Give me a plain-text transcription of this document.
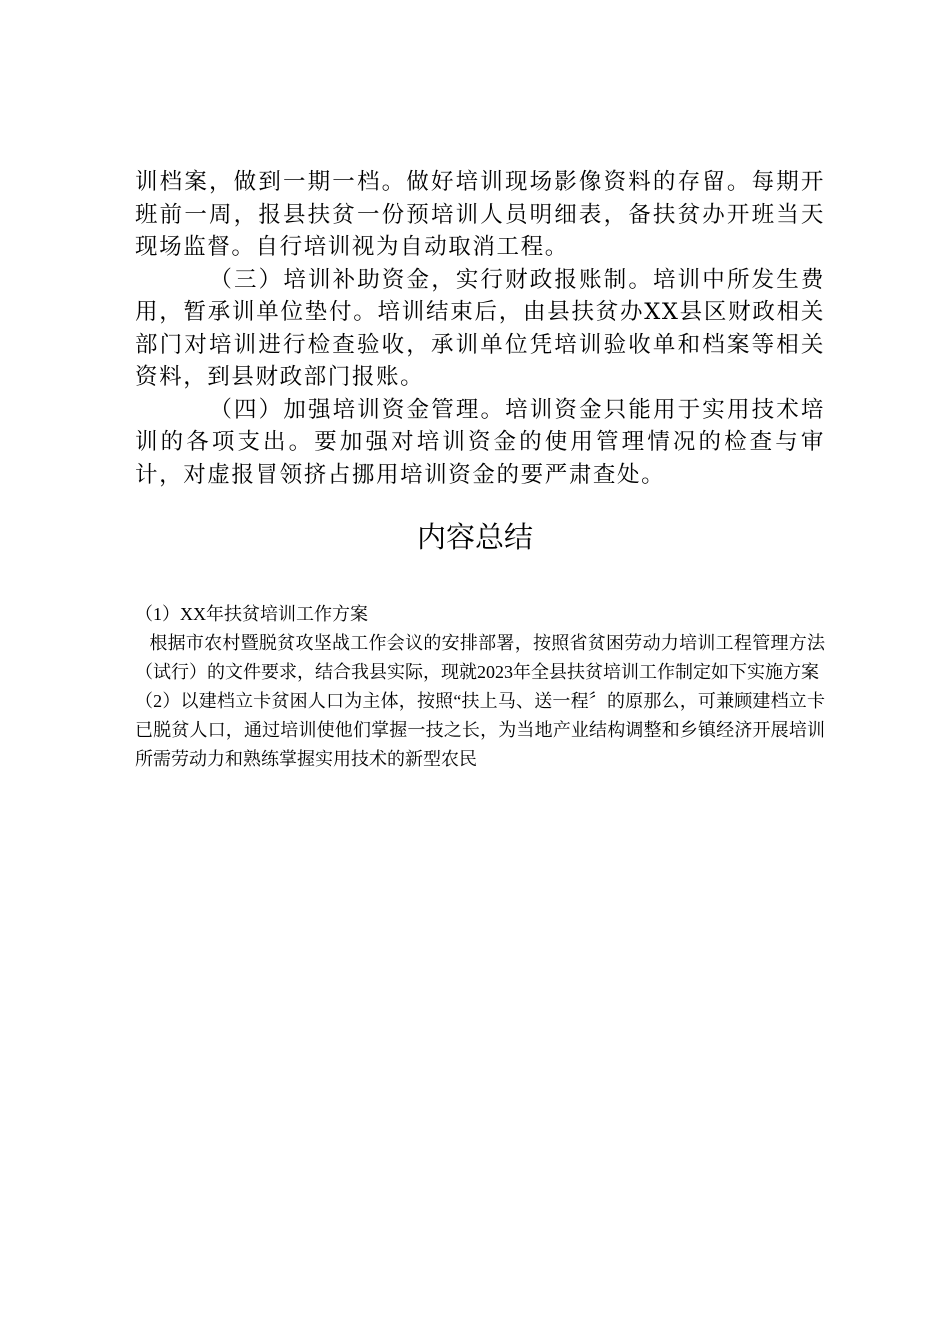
训档案，做到一期一档。做好培训现场影像资料的存留。每期开班前一周，报县扶贫一份预培训人员明细表，备扶贫办开班当天现场监督。自行培训视为自动取消工程。

（三）培训补助资金，实行财政报账制。培训中所发生费用，暂承训单位垫付。培训结束后，由县扶贫办XX县区财政相关部门对培训进行检查验收，承训单位凭培训验收单和档案等相关资料，到县财政部门报账。

（四）加强培训资金管理。培训资金只能用于实用技术培训的各项支出。要加强对培训资金的使用管理情况的检查与审计，对虚报冒领挤占挪用培训资金的要严肃查处。

内容总结

（1）XX年扶贫培训工作方案

根据市农村暨脱贫攻坚战工作会议的安排部署，按照省贫困劳动力培训工程管理方法（试行）的文件要求，结合我县实际，现就2023年全县扶贫培训工作制定如下实施方案

（2）以建档立卡贫困人口为主体，按照“扶上马、送一程〞的原那么，可兼顾建档立卡已脱贫人口，通过培训使他们掌握一技之长，为当地产业结构调整和乡镇经济开展培训所需劳动力和熟练掌握实用技术的新型农民
